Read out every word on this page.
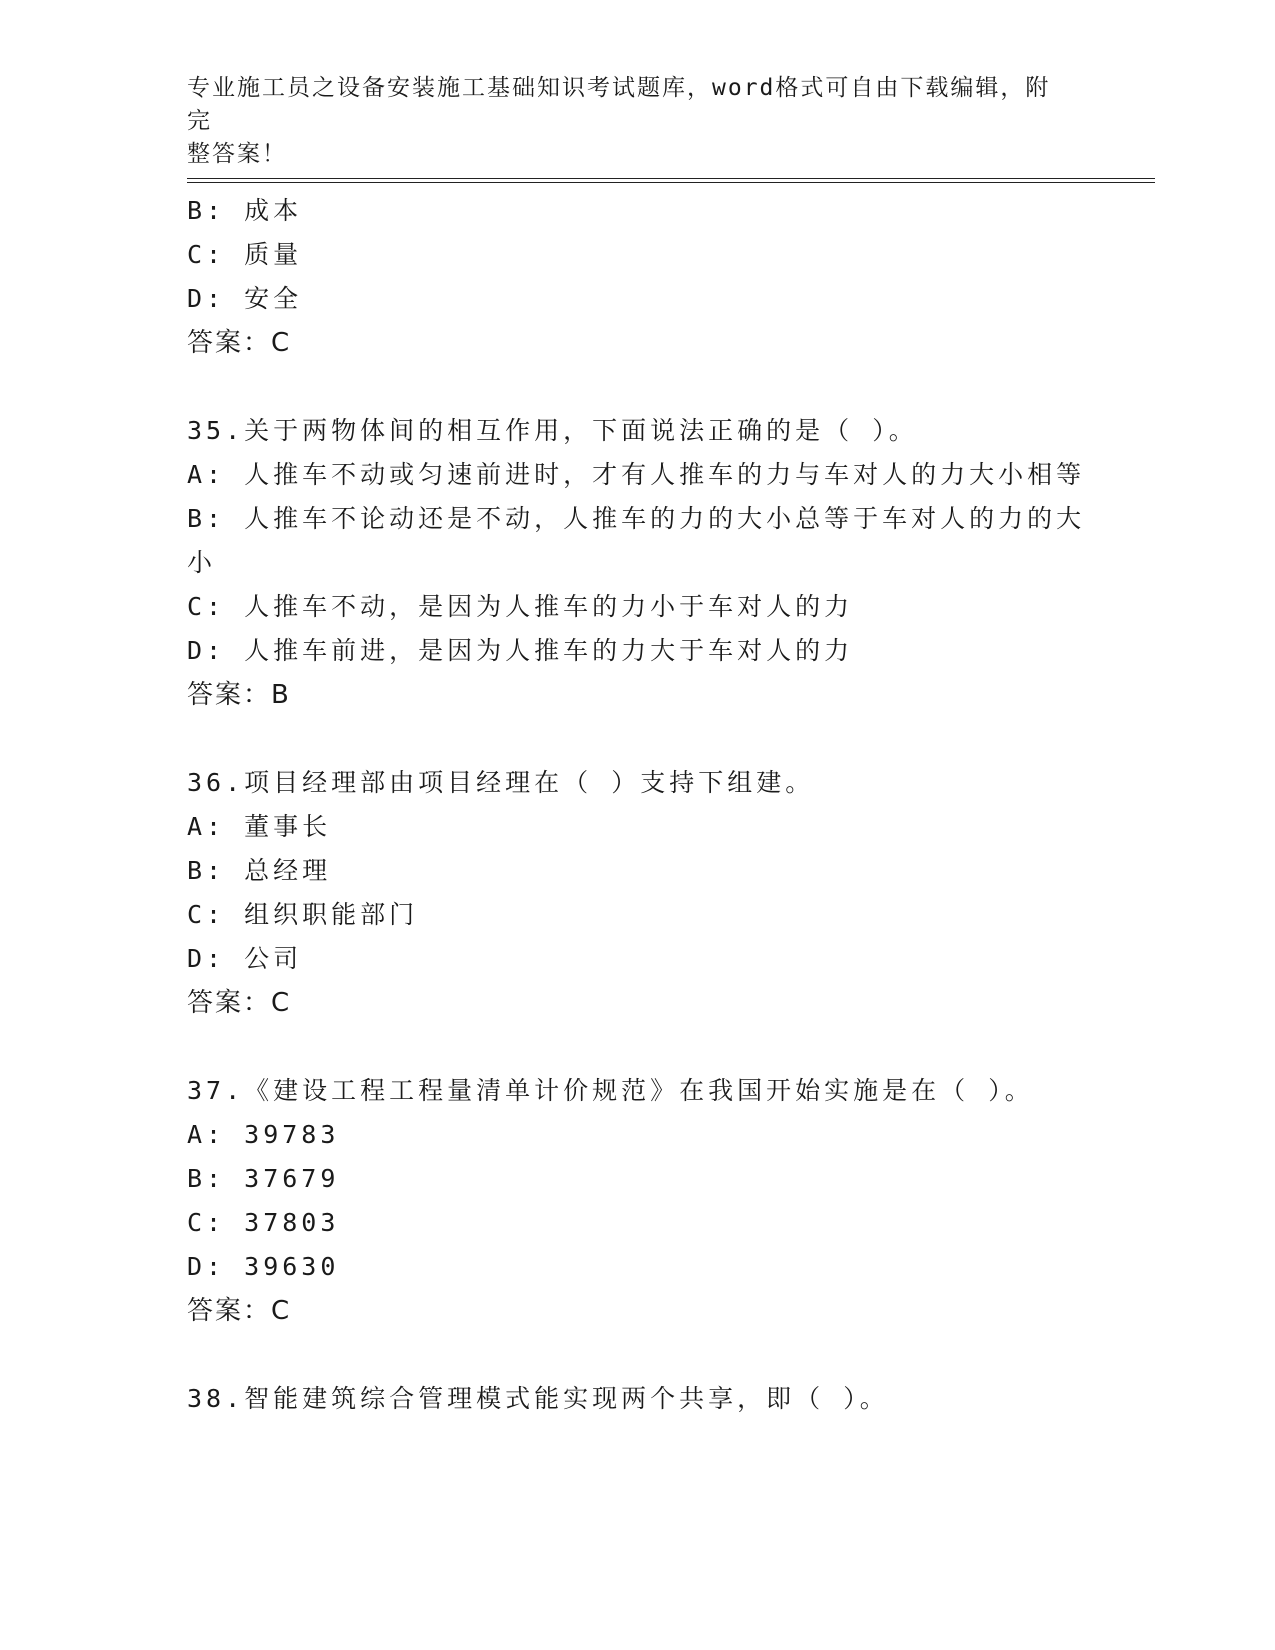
专业施工员之设备安装施工基础知识考试题库，word格式可自由下载编辑，附完
整答案！
B: 成本
C: 质量
D: 安全
答案：C
35.关于两物体间的相互作用，下面说法正确的是（ ）。
A: 人推车不动或匀速前进时，才有人推车的力与车对人的力大小相等
B: 人推车不论动还是不动，人推车的力的大小总等于车对人的力的大
小
C: 人推车不动，是因为人推车的力小于车对人的力
D: 人推车前进，是因为人推车的力大于车对人的力
答案：B
36.项目经理部由项目经理在（ ）支持下组建。
A: 董事长
B: 总经理
C: 组织职能部门
D: 公司
答案：C
37.《建设工程工程量清单计价规范》在我国开始实施是在（ ）。
A: 39783
B: 37679
C: 37803
D: 39630
答案：C
38.智能建筑综合管理模式能实现两个共享，即（ ）。
